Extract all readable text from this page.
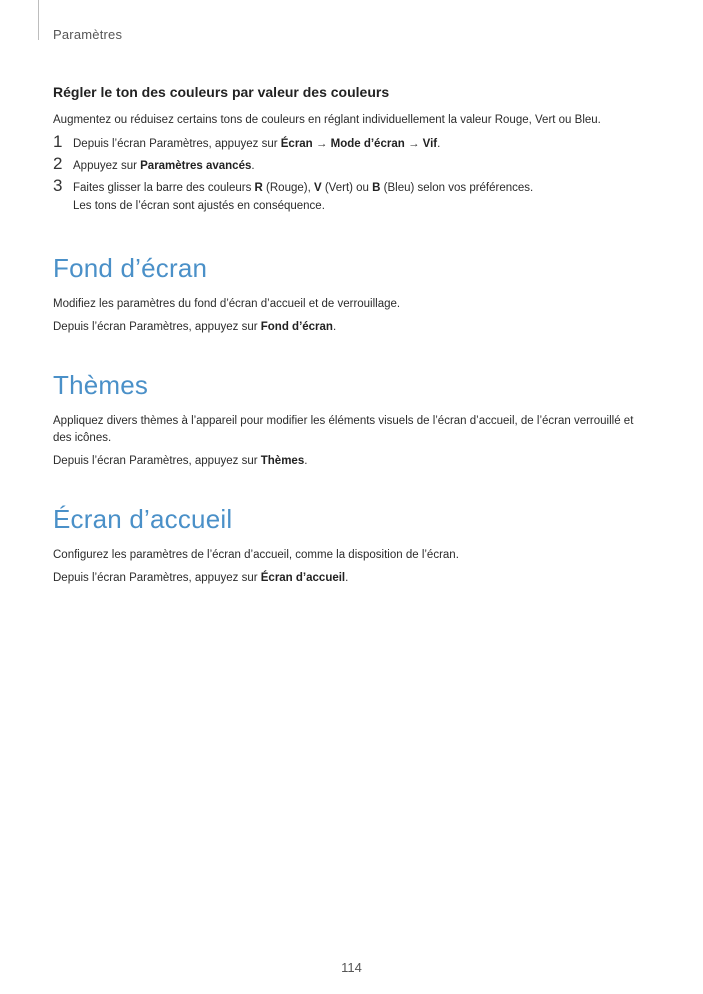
Paramètres
Régler le ton des couleurs par valeur des couleurs

Augmentez ou réduisez certains tons de couleurs en réglant individuellement la valeur Rouge, Vert ou Bleu.

1 Depuis l’écran Paramètres, appuyez sur Écran → Mode d’écran → Vif.
2 Appuyez sur Paramètres avancés.
3 Faites glisser la barre des couleurs R (Rouge), V (Vert) ou B (Bleu) selon vos préférences.
Les tons de l’écran sont ajustés en conséquence.
Fond d’écran

Modifiez les paramètres du fond d’écran d’accueil et de verrouillage.

Depuis l’écran Paramètres, appuyez sur Fond d’écran.

Thèmes

Appliquez divers thèmes à l’appareil pour modifier les éléments visuels de l’écran d’accueil, de l’écran verrouillé et des icônes.

Depuis l’écran Paramètres, appuyez sur Thèmes.

Écran d’accueil

Configurez les paramètres de l’écran d’accueil, comme la disposition de l’écran.

Depuis l’écran Paramètres, appuyez sur Écran d’accueil.

114
